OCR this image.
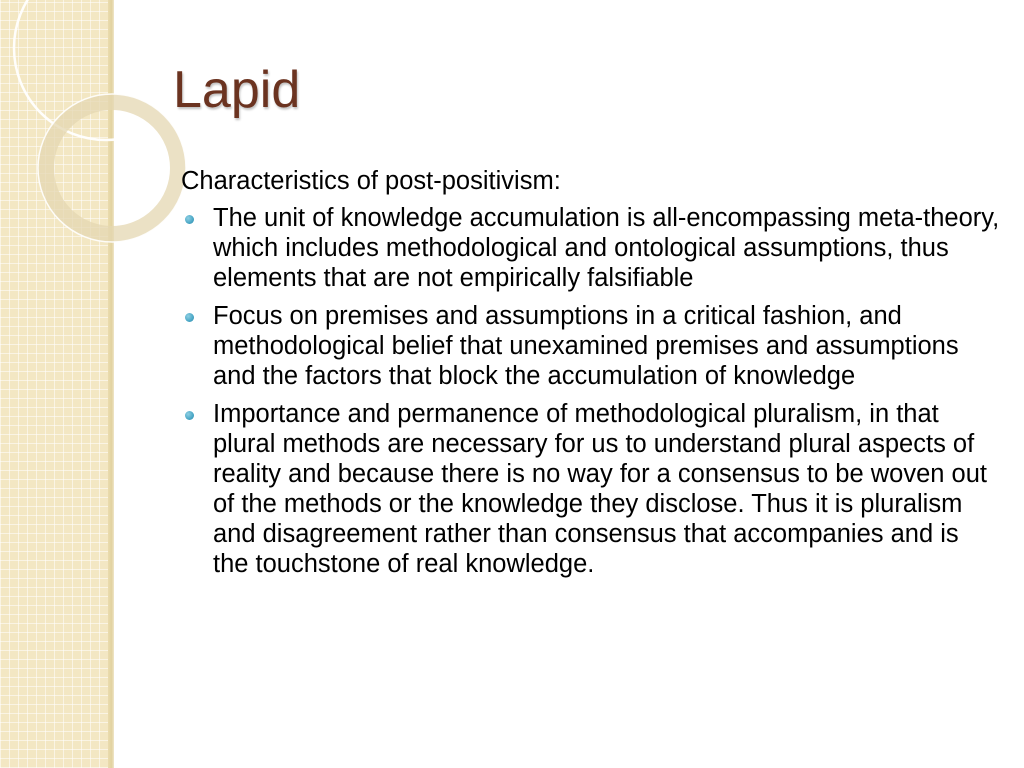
Lapid

Characteristics of post-positivism:

The unit of knowledge accumulation is all-encompassing meta-theory, which includes methodological and ontological assumptions, thus elements that are not empirically falsifiable
Focus on premises and assumptions in a critical fashion, and methodological belief that unexamined premises and assumptions and the factors that block the accumulation of knowledge
Importance and permanence of methodological pluralism, in that plural methods are necessary for us to understand plural aspects of reality and because there is no way for a consensus to be woven out of the methods or the knowledge they disclose. Thus it is pluralism and disagreement rather than consensus that accompanies and is the touchstone of real knowledge.
